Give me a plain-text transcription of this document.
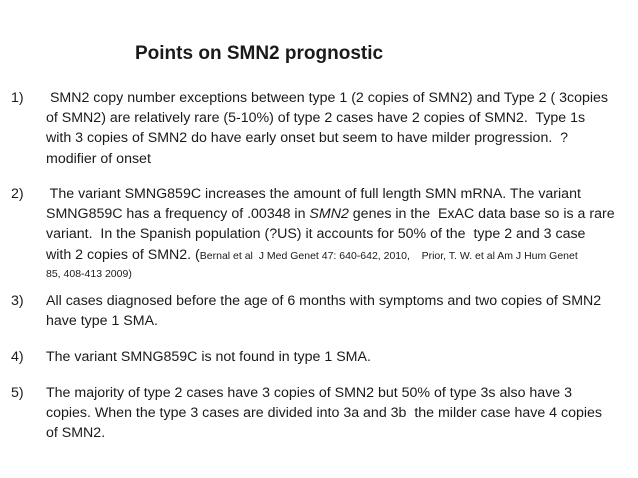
Points on SMN2 prognostic
1)	SMN2 copy number exceptions between type 1 (2 copies of SMN2) and Type 2 ( 3copies
of SMN2) are relatively rare (5-10%) of type 2 cases have 2 copies of SMN2.  Type 1s
with 3 copies of SMN2 do have early onset but seem to have milder progression.  ?
modifier of onset
2)	The variant SMNG859C increases the amount of full length SMN mRNA. The variant
SMNG859C has a frequency of .00348 in SMN2 genes in the  ExAC data base so is a rare
variant.  In the Spanish population (?US) it accounts for 50% of the  type 2 and 3 case
with 2 copies of SMN2. (Bernal et al  J Med Genet 47: 640-642, 2010,    Prior, T. W. et al Am J Hum Genet
85, 408-413 2009)
3)	All cases diagnosed before the age of 6 months with symptoms and two copies of SMN2
have type 1 SMA.
4)	The variant SMNG859C is not found in type 1 SMA.
5)	The majority of type 2 cases have 3 copies of SMN2 but 50% of type 3s also have 3
copies. When the type 3 cases are divided into 3a and 3b  the milder case have 4 copies
of SMN2.
